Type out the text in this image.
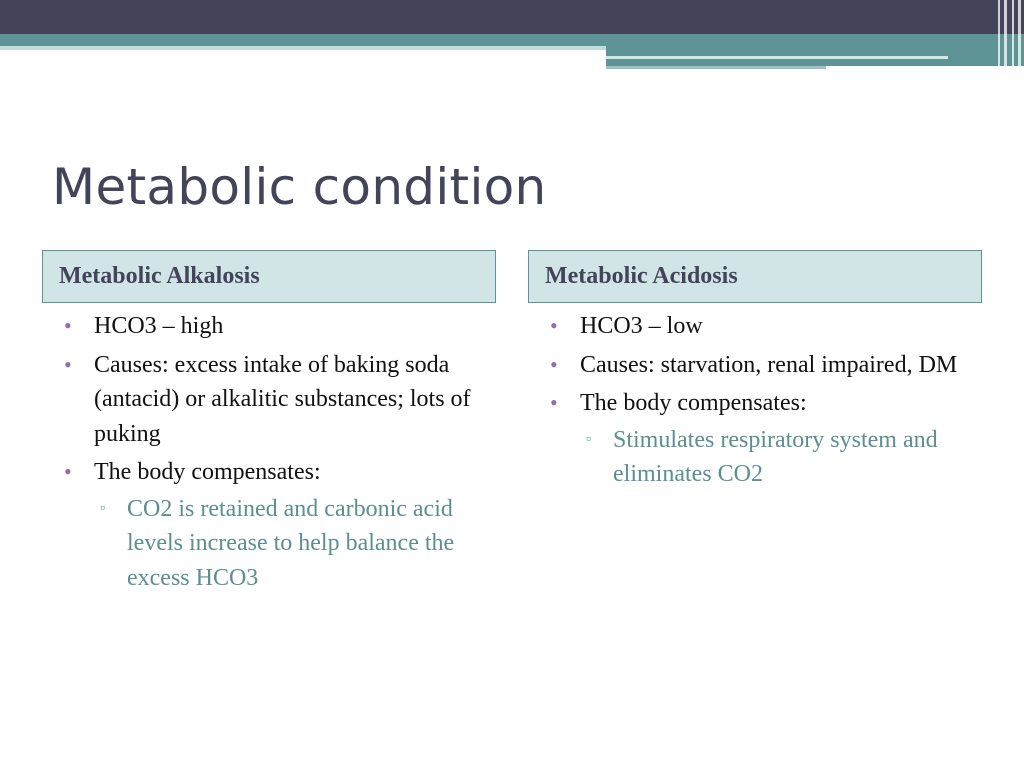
Metabolic condition
Metabolic Alkalosis
• HCO3 – high
• Causes: excess intake of baking soda (antacid) or alkalitic substances; lots of puking
• The body compensates:
▫ CO2 is retained and carbonic acid levels increase to help balance the excess HCO3
Metabolic Acidosis
• HCO3 – low
• Causes: starvation, renal impaired, DM
• The body compensates:
▫ Stimulates respiratory system and eliminates CO2
